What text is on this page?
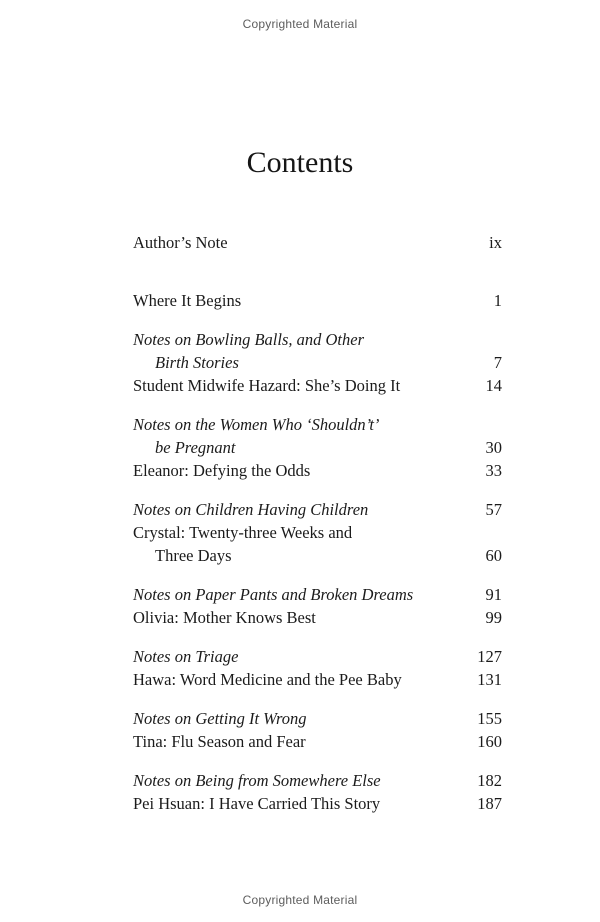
Copyrighted Material
Contents
Author’s Note	ix
Where It Begins	1
Notes on Bowling Balls, and Other
Birth Stories	7
Student Midwife Hazard: She’s Doing It	14
Notes on the Women Who ‘Shouldn’t’
be Pregnant	30
Eleanor: Defying the Odds	33
Notes on Children Having Children	57
Crystal: Twenty-three Weeks and
Three Days	60
Notes on Paper Pants and Broken Dreams	91
Olivia: Mother Knows Best	99
Notes on Triage	127
Hawa: Word Medicine and the Pee Baby	131
Notes on Getting It Wrong	155
Tina: Flu Season and Fear	160
Notes on Being from Somewhere Else	182
Pei Hsuan: I Have Carried This Story	187
Copyrighted Material
